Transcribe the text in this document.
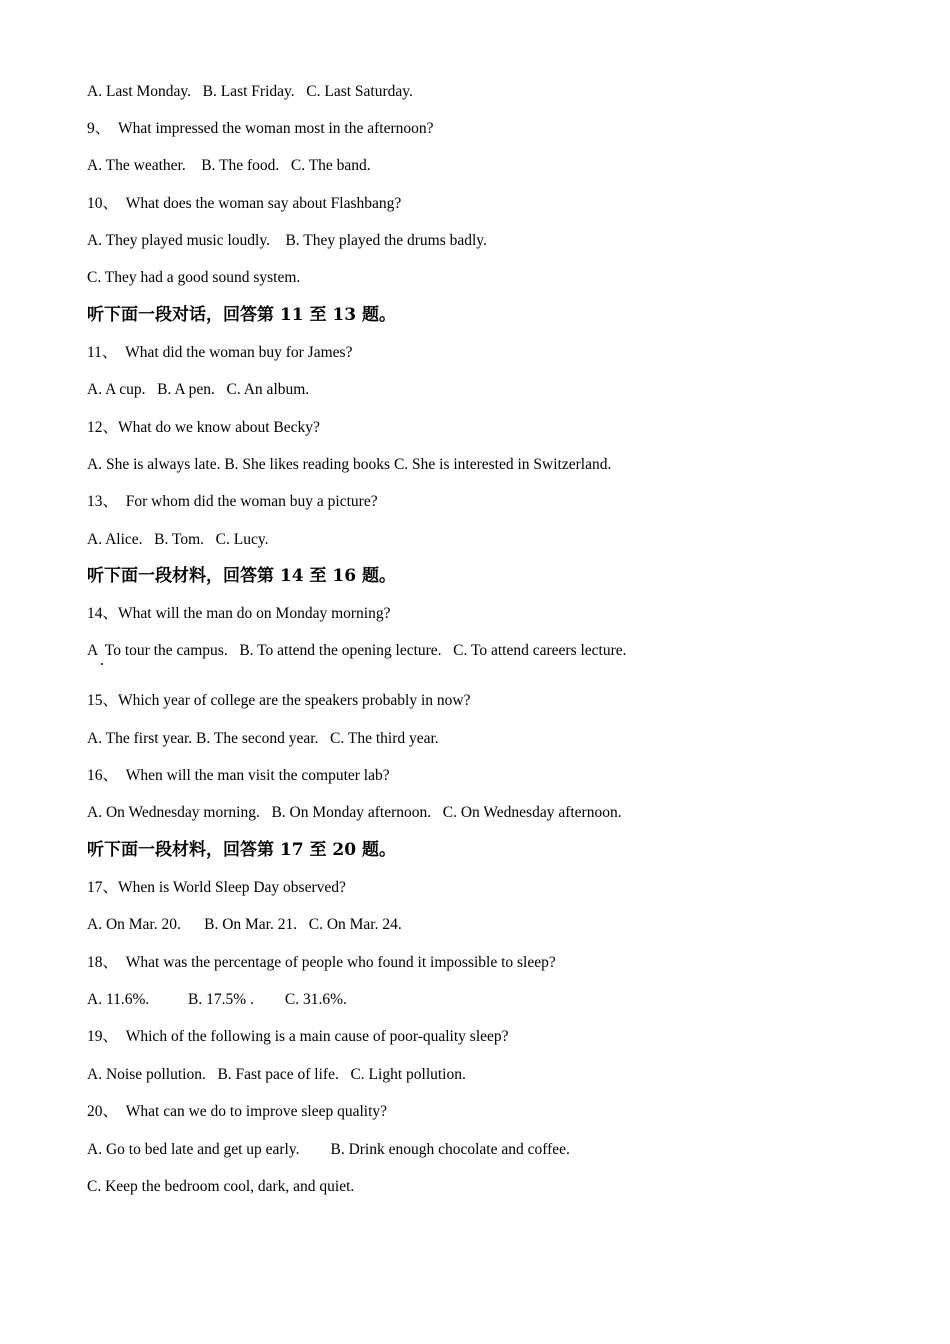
A. Last Monday.   B. Last Friday.   C. Last Saturday.

9、  What impressed the woman most in the afternoon?

A. The weather.    B. The food.   C. The band.

10、  What does the woman say about Flashbang?

A. They played music loudly.    B. They played the drums badly.

C. They had a good sound system.

听下面一段对话，回答第 11 至 13 题。

11、  What did the woman buy for James?

A. A cup.   B. A pen.   C. An album.

12、What do we know about Becky?

A. She is always late. B. She likes reading books C. She is interested in Switzerland.

13、  For whom did the woman buy a picture?

A. Alice.   B. Tom.   C. Lucy.

听下面一段材料，回答第 14 至 16 题。

14、What will the man do on Monday morning?

A  To tour the campus.   B. To attend the opening lecture.   C. To attend careers lecture.

15、Which year of college are the speakers probably in now?

A. The first year. B. The second year.   C. The third year.

16、  When will the man visit the computer lab?

A. On Wednesday morning.   B. On Monday afternoon.   C. On Wednesday afternoon.

听下面一段材料，回答第 17 至 20 题。

17、When is World Sleep Day observed?

A. On Mar. 20.      B. On Mar. 21.   C. On Mar. 24.

18、  What was the percentage of people who found it impossible to sleep?

A. 11.6%.          B. 17.5% .        C. 31.6%.

19、  Which of the following is a main cause of poor-quality sleep?

A. Noise pollution.   B. Fast pace of life.   C. Light pollution.

20、  What can we do to improve sleep quality?

A. Go to bed late and get up early.        B. Drink enough chocolate and coffee.

C. Keep the bedroom cool, dark, and quiet.
